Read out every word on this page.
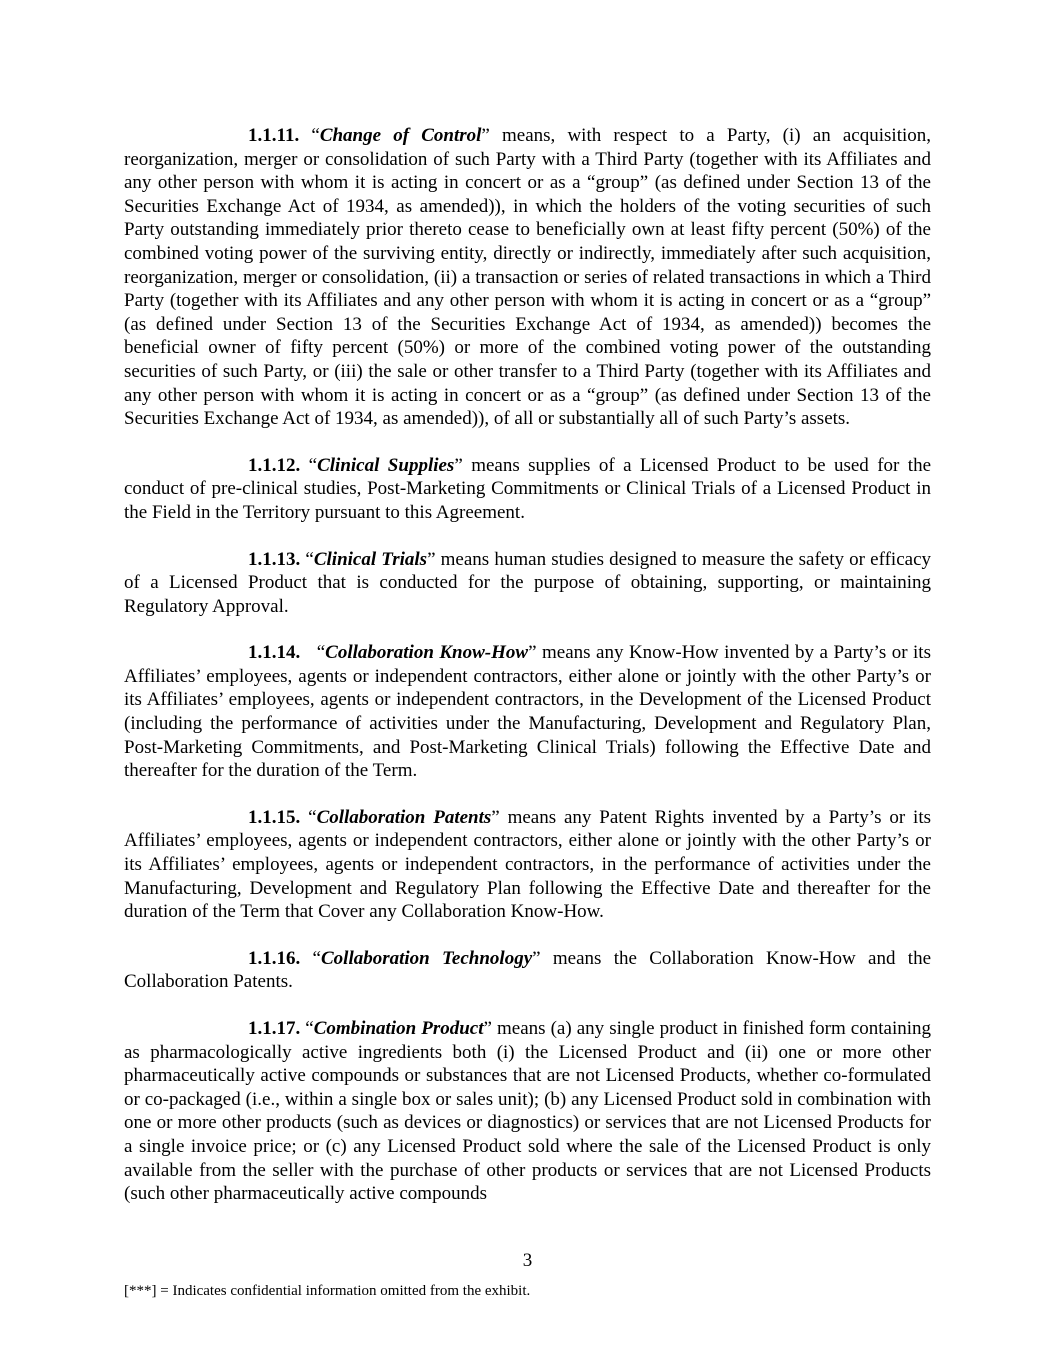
1.1.11. “Change of Control” means, with respect to a Party, (i) an acquisition, reorganization, merger or consolidation of such Party with a Third Party (together with its Affiliates and any other person with whom it is acting in concert or as a “group” (as defined under Section 13 of the Securities Exchange Act of 1934, as amended)), in which the holders of the voting securities of such Party outstanding immediately prior thereto cease to beneficially own at least fifty percent (50%) of the combined voting power of the surviving entity, directly or indirectly, immediately after such acquisition, reorganization, merger or consolidation, (ii) a transaction or series of related transactions in which a Third Party (together with its Affiliates and any other person with whom it is acting in concert or as a “group” (as defined under Section 13 of the Securities Exchange Act of 1934, as amended)) becomes the beneficial owner of fifty percent (50%) or more of the combined voting power of the outstanding securities of such Party, or (iii) the sale or other transfer to a Third Party (together with its Affiliates and any other person with whom it is acting in concert or as a “group” (as defined under Section 13 of the Securities Exchange Act of 1934, as amended)), of all or substantially all of such Party’s assets.

1.1.12. “Clinical Supplies” means supplies of a Licensed Product to be used for the conduct of pre-clinical studies, Post-Marketing Commitments or Clinical Trials of a Licensed Product in the Field in the Territory pursuant to this Agreement.

1.1.13. “Clinical Trials” means human studies designed to measure the safety or efficacy of a Licensed Product that is conducted for the purpose of obtaining, supporting, or maintaining Regulatory Approval.

1.1.14.   “Collaboration Know-How” means any Know-How invented by a Party’s or its Affiliates’ employees, agents or independent contractors, either alone or jointly with the other Party’s or its Affiliates’ employees, agents or independent contractors, in the Development of the Licensed Product (including the performance of activities under the Manufacturing, Development and Regulatory Plan, Post-Marketing Commitments, and Post-Marketing Clinical Trials) following the Effective Date and thereafter for the duration of the Term.

1.1.15. “Collaboration Patents” means any Patent Rights invented by a Party’s or its Affiliates’ employees, agents or independent contractors, either alone or jointly with the other Party’s or its Affiliates’ employees, agents or independent contractors, in the performance of activities under the Manufacturing, Development and Regulatory Plan following the Effective Date and thereafter for the duration of the Term that Cover any Collaboration Know-How.

1.1.16. “Collaboration Technology” means the Collaboration Know-How and the Collaboration Patents.

1.1.17. “Combination Product” means (a) any single product in finished form containing as pharmacologically active ingredients both (i) the Licensed Product and (ii) one or more other pharmaceutically active compounds or substances that are not Licensed Products, whether co-formulated or co-packaged (i.e., within a single box or sales unit); (b) any Licensed Product sold in combination with one or more other products (such as devices or diagnostics) or services that are not Licensed Products for a single invoice price; or (c) any Licensed Product sold where the sale of the Licensed Product is only available from the seller with the purchase of other products or services that are not Licensed Products (such other pharmaceutically active compounds

3
[***] = Indicates confidential information omitted from the exhibit.
